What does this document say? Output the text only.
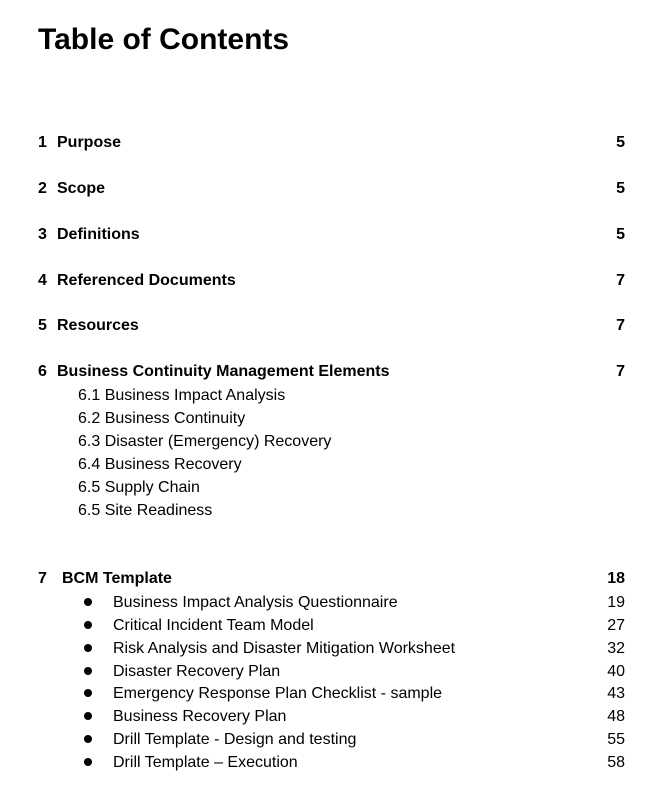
Table of Contents
1 Purpose	5
2 Scope	5
3 Definitions	5
4 Referenced Documents	7
5 Resources	7
6 Business Continuity Management Elements	7
6.1 Business Impact Analysis
6.2 Business Continuity
6.3 Disaster (Emergency) Recovery
6.4 Business Recovery
6.5 Supply Chain
6.5 Site Readiness
7 BCM Template	18
Business Impact Analysis Questionnaire	19
Critical Incident Team Model	27
Risk Analysis and Disaster Mitigation Worksheet	32
Disaster Recovery Plan	40
Emergency Response Plan Checklist - sample	43
Business Recovery Plan	48
Drill Template - Design and testing	55
Drill Template – Execution	58
